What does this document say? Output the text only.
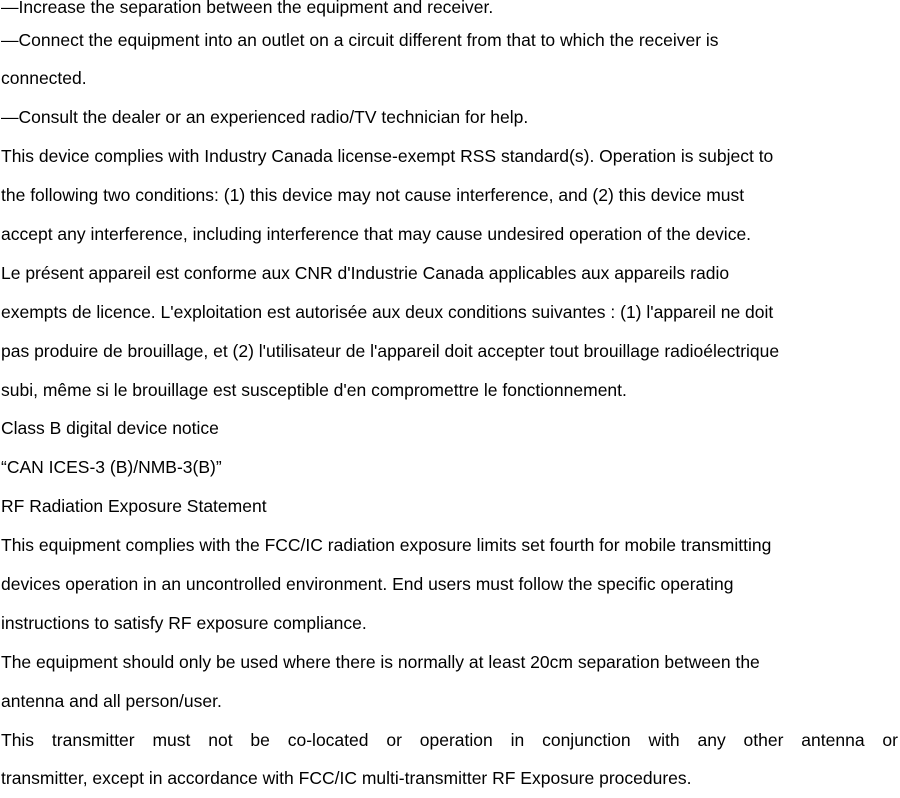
—Increase the separation between the equipment and receiver.
—Connect the equipment into an outlet on a circuit different from that to which the receiver is
connected.
—Consult the dealer or an experienced radio/TV technician for help.
This device complies with Industry Canada license-exempt RSS standard(s). Operation is subject to
the following two conditions: (1) this device may not cause interference, and (2) this device must
accept any interference, including interference that may cause undesired operation of the device.
Le présent appareil est conforme aux CNR d'Industrie Canada applicables aux appareils radio
exempts de licence. L'exploitation est autorisée aux deux conditions suivantes : (1) l'appareil ne doit
pas produire de brouillage, et (2) l'utilisateur de l'appareil doit accepter tout brouillage radioélectrique
subi, même si le brouillage est susceptible d'en compromettre le fonctionnement.
Class B digital device notice
“CAN ICES-3 (B)/NMB-3(B)”
RF Radiation Exposure Statement
This equipment complies with the FCC/IC radiation exposure limits set fourth for mobile transmitting
devices operation in an uncontrolled environment. End users must follow the specific operating
instructions to satisfy RF exposure compliance.
The equipment should only be used where there is normally at least 20cm separation between the
antenna and all person/user.
This transmitter must not be co-located or operation in conjunction with any other antenna or
transmitter, except in accordance with FCC/IC multi-transmitter RF Exposure procedures.
